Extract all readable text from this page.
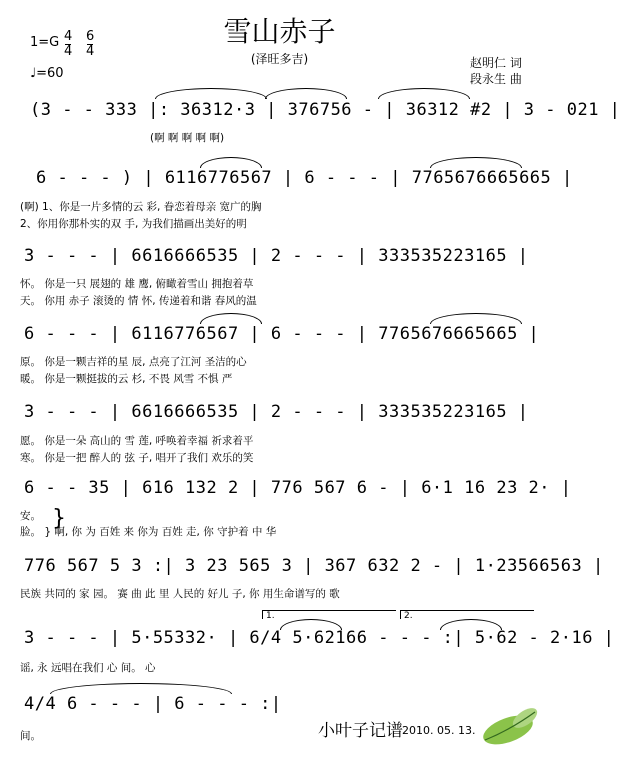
雪山赤子
(泽旺多吉)
1=G 4
4
6
4
♩=60
赵明仁 词
段永生 曲
(3 - - 333 |: 36312·3 | 376756 - | 36312 #2 | 3 - 021 |
(啊 啊 啊 啊 啊)
6 - - - ) | 6116776567 | 6 - - - | 7765676665665 |
(啊) 1、你是一片多情的云 彩, 眷恋着母亲 宽广的胸
2、你用你那朴实的双 手, 为我们描画出美好的明
3 - - - | 6616666535 | 2 - - - | 333535223165 |
怀。 你是一只 展翅的 雄 鹰, 俯瞰着雪山 拥抱着草
天。 你用 赤子 滚烫的 情 怀, 传递着和谐 春风的温
6 - - - | 6116776567 | 6 - - - | 7765676665665 |
原。 你是一颗吉祥的星 辰, 点亮了江河 圣洁的心
暖。 你是一颗挺拔的云 杉, 不畏 风雪 不惧 严
3 - - - | 6616666535 | 2 - - - | 333535223165 |
愿。 你是一朵 高山的 雪 莲, 呼唤着幸福 祈求着平
寒。 你是一把 醉人的 弦 子, 唱开了我们 欢乐的笑
6 - - 35 | 616 132 2 | 776 567 6 - | 6·1 16 23 2· |
安。
脸。 } 啊, 你 为 百姓 来 你为 百姓 走, 你 守护着 中 华
776 567 5 3 :| 3 23 565 3 | 367 632 2 - | 1·23566563 |
民族 共同的 家 园。 赛 曲 此 里 人民的 好儿 子, 你 用生命谱写的 歌
1.	2.
3 - - - | 5·55332· | 6/4 5·62166 - - - :| 5·62 - 2·16 |
谣, 永 远唱在我们 心 间。 心
4/4 6 - - - | 6 - - - :|
间。
}
小叶子记谱 2010. 05. 13.
